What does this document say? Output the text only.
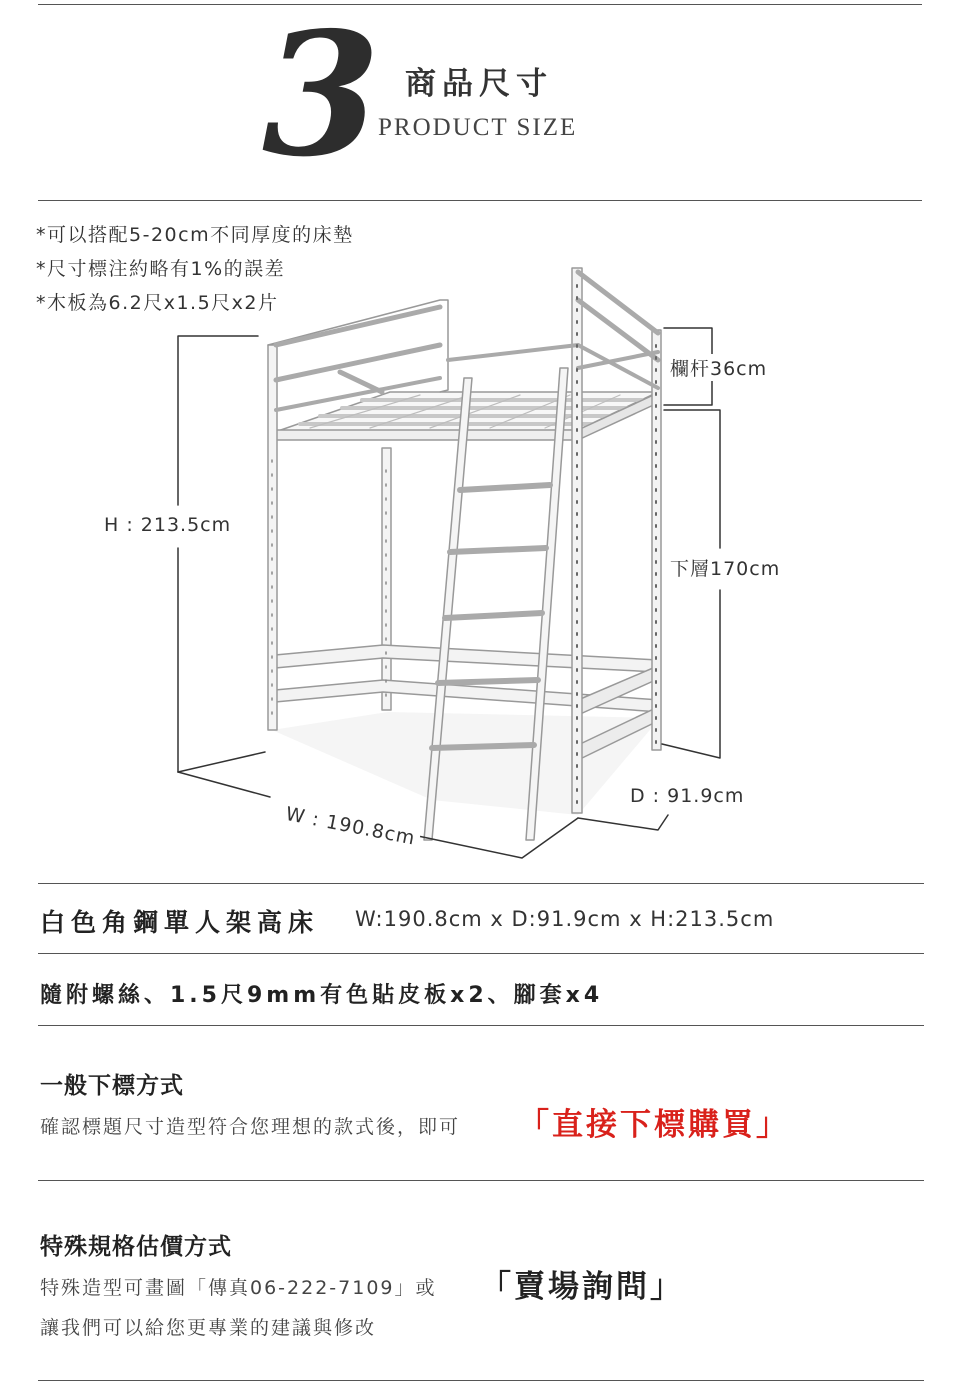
3 商品尺寸
PRODUCT SIZE
*可以搭配5-20cm不同厚度的床墊
*尺寸標注約略有1%的誤差
*木板為6.2尺x1.5尺x2片
H : 213.5cm
欄杆36cm
下層170cm
D : 91.9cm
W : 190.8cm
白色角鋼單人架高床 W:190.8cm x D:91.9cm x H:213.5cm
隨附螺絲、1.5尺9mm有色貼皮板x2、腳套x4
一般下標方式
確認標題尺寸造型符合您理想的款式後，即可 「直接下標購買」
特殊規格估價方式
特殊造型可畫圖「傳真06-222-7109」或 「賣場詢問」
讓我們可以給您更專業的建議與修改
